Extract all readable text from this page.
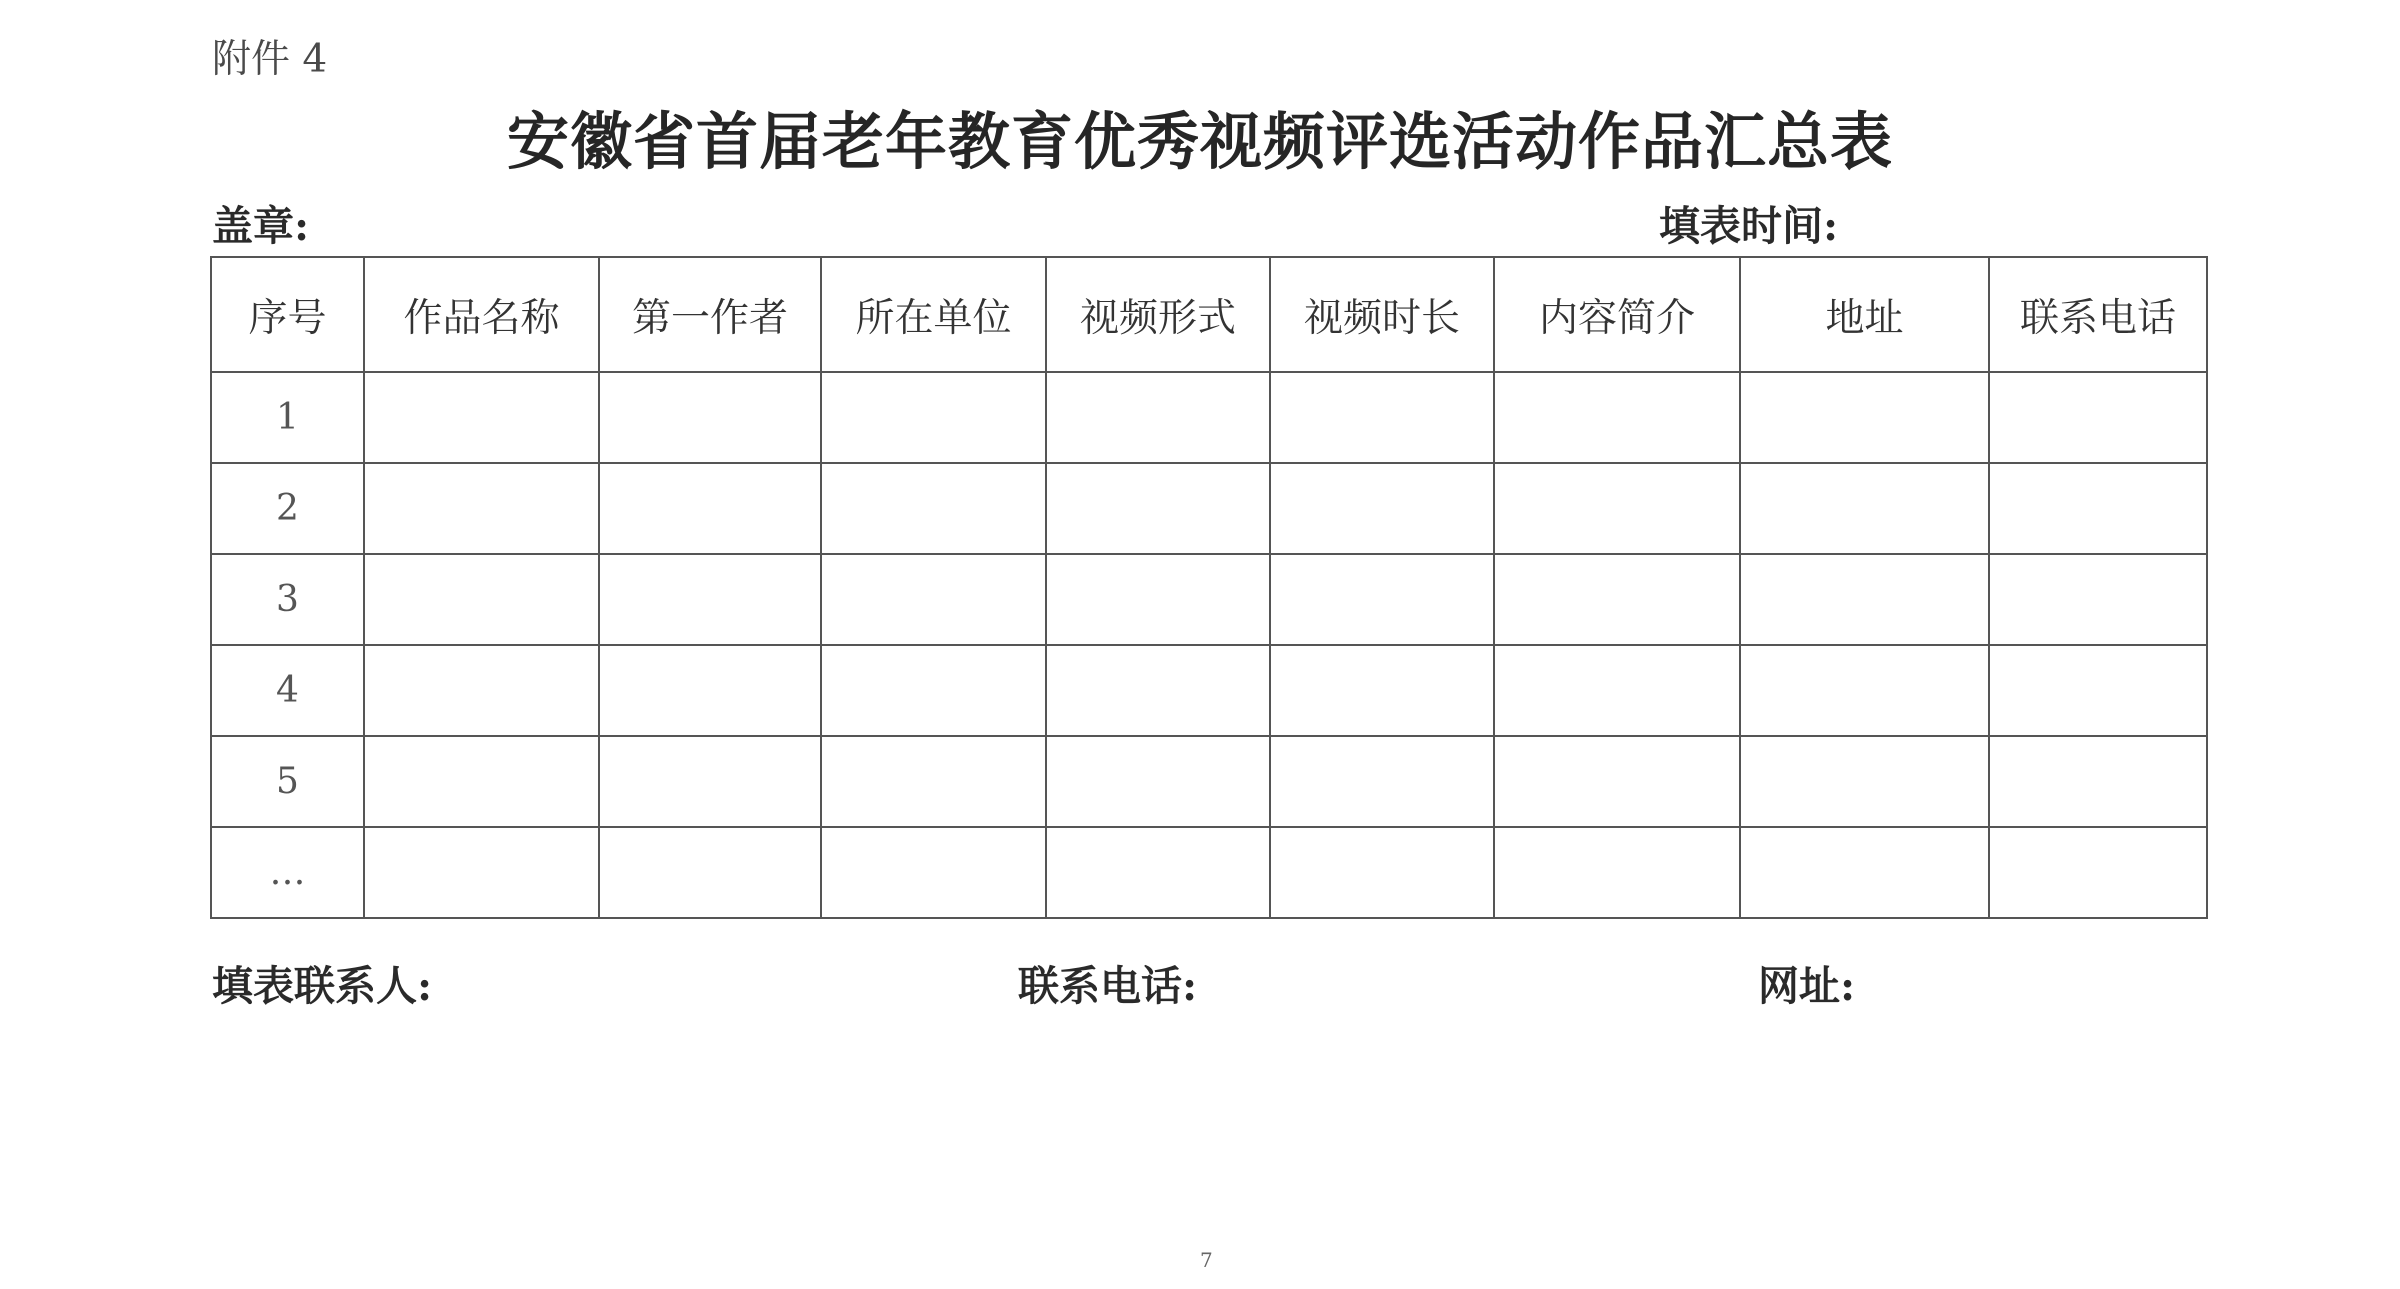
附件 4
安徽省首届老年教育优秀视频评选活动作品汇总表
盖章:	填表时间:
序号	作品名称	第一作者	所在单位	视频形式	视频时长	内容简介	地址	联系电话
1								
2								
3								
4								
5								
…								
填表联系人:	联系电话:	网址:
7
